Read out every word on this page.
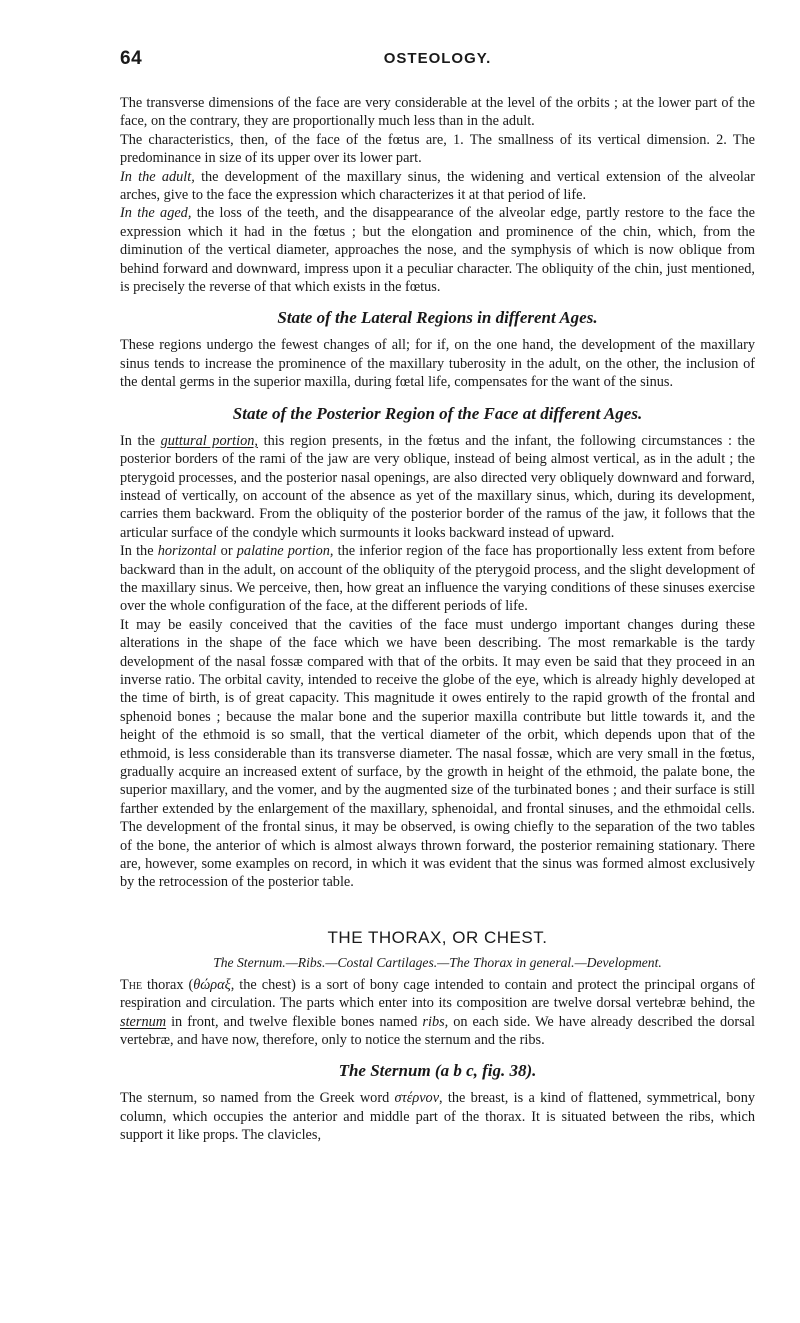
64	OSTEOLOGY.

The transverse dimensions of the face are very considerable at the level of the orbits ; at the lower part of the face, on the contrary, they are proportionally much less than in the adult.

The characteristics, then, of the face of the fœtus are, 1. The smallness of its vertical dimension. 2. The predominance in size of its upper over its lower part.

In the adult, the development of the maxillary sinus, the widening and vertical extension of the alveolar arches, give to the face the expression which characterizes it at that period of life.

In the aged, the loss of the teeth, and the disappearance of the alveolar edge, partly restore to the face the expression which it had in the fœtus ; but the elongation and prominence of the chin, which, from the diminution of the vertical diameter, approaches the nose, and the symphysis of which is now oblique from behind forward and downward, impress upon it a peculiar character. The obliquity of the chin, just mentioned, is precisely the reverse of that which exists in the fœtus.

State of the Lateral Regions in different Ages.

These regions undergo the fewest changes of all; for if, on the one hand, the development of the maxillary sinus tends to increase the prominence of the maxillary tuberosity in the adult, on the other, the inclusion of the dental germs in the superior maxilla, during fœtal life, compensates for the want of the sinus.

State of the Posterior Region of the Face at different Ages.

In the guttural portion, this region presents, in the fœtus and the infant, the following circumstances : the posterior borders of the rami of the jaw are very oblique, instead of being almost vertical, as in the adult ; the pterygoid processes, and the posterior nasal openings, are also directed very obliquely downward and forward, instead of vertically, on account of the absence as yet of the maxillary sinus, which, during its development, carries them backward. From the obliquity of the posterior border of the ramus of the jaw, it follows that the articular surface of the condyle which surmounts it looks backward instead of upward.

In the horizontal or palatine portion, the inferior region of the face has proportionally less extent from before backward than in the adult, on account of the obliquity of the pterygoid process, and the slight development of the maxillary sinus. We perceive, then, how great an influence the varying conditions of these sinuses exercise over the whole configuration of the face, at the different periods of life.

It may be easily conceived that the cavities of the face must undergo important changes during these alterations in the shape of the face which we have been describing. The most remarkable is the tardy development of the nasal fossæ compared with that of the orbits. It may even be said that they proceed in an inverse ratio. The orbital cavity, intended to receive the globe of the eye, which is already highly developed at the time of birth, is of great capacity. This magnitude it owes entirely to the rapid growth of the frontal and sphenoid bones ; because the malar bone and the superior maxilla contribute but little towards it, and the height of the ethmoid is so small, that the vertical diameter of the orbit, which depends upon that of the ethmoid, is less considerable than its transverse diameter. The nasal fossæ, which are very small in the fœtus, gradually acquire an increased extent of surface, by the growth in height of the ethmoid, the palate bone, the superior maxillary, and the vomer, and by the augmented size of the turbinated bones ; and their surface is still farther extended by the enlargement of the maxillary, sphenoidal, and frontal sinuses, and the ethmoidal cells. The development of the frontal sinus, it may be observed, is owing chiefly to the separation of the two tables of the bone, the anterior of which is almost always thrown forward, the posterior remaining stationary. There are, however, some examples on record, in which it was evident that the sinus was formed almost exclusively by the retrocession of the posterior table.

THE THORAX, OR CHEST.
The Sternum.—Ribs.—Costal Cartilages.—The Thorax in general.—Development.

The thorax (θώραξ, the chest) is a sort of bony cage intended to contain and protect the principal organs of respiration and circulation. The parts which enter into its composition are twelve dorsal vertebræ behind, the sternum in front, and twelve flexible bones named ribs, on each side. We have already described the dorsal vertebræ, and have now, therefore, only to notice the sternum and the ribs.

The Sternum (a b c, fig. 38).

The sternum, so named from the Greek word στέρνον, the breast, is a kind of flattened, symmetrical, bony column, which occupies the anterior and middle part of the thorax. It is situated between the ribs, which support it like props. The clavicles,
